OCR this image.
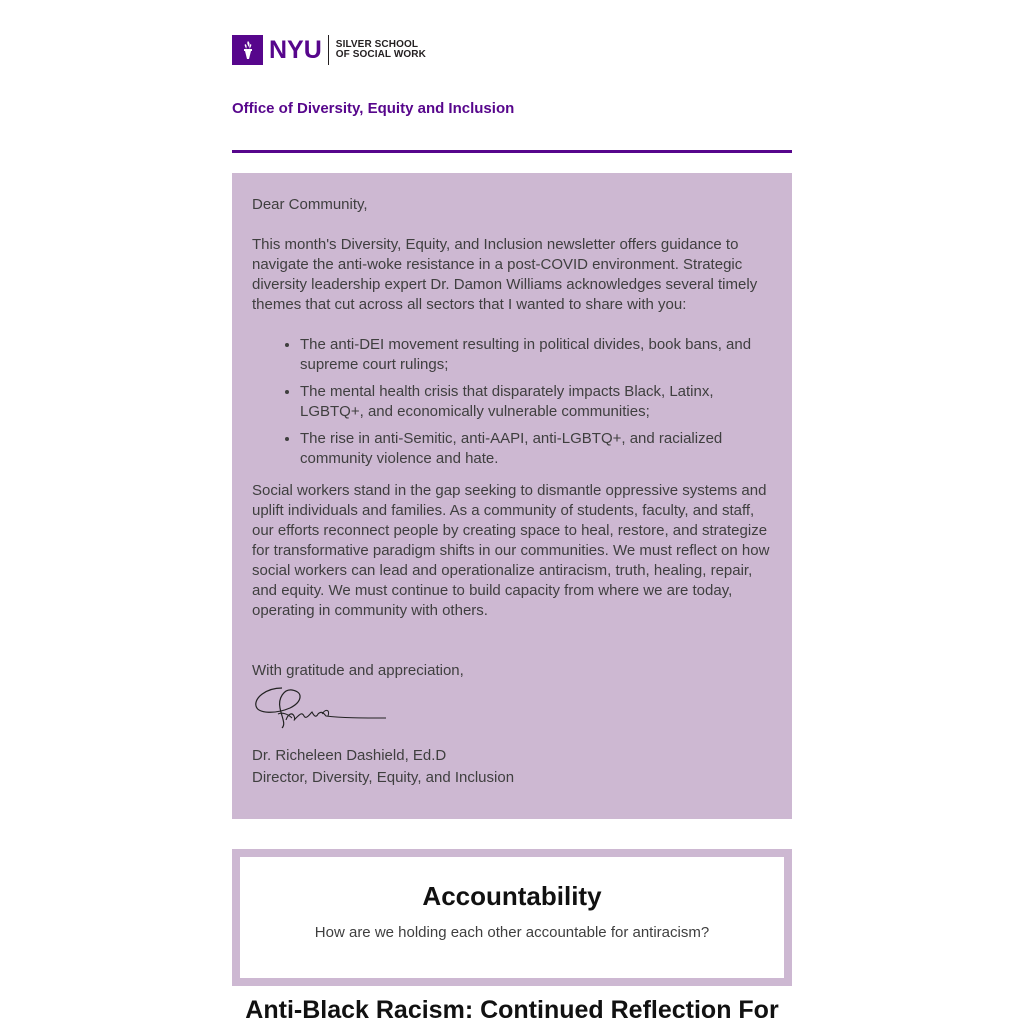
NYU SILVER SCHOOL
OF SOCIAL WORK
Office of Diversity, Equity and Inclusion

Dear Community,

This month's Diversity, Equity, and Inclusion newsletter offers guidance to navigate the anti-woke resistance in a post-COVID environment. Strategic diversity leadership expert Dr. Damon Williams acknowledges several timely themes that cut across all sectors that I wanted to share with you:

• The anti-DEI movement resulting in political divides, book bans, and supreme court rulings;
• The mental health crisis that disparately impacts Black, Latinx, LGBTQ+, and economically vulnerable communities;
• The rise in anti-Semitic, anti-AAPI, anti-LGBTQ+, and racialized community violence and hate.

Social workers stand in the gap seeking to dismantle oppressive systems and uplift individuals and families. As a community of students, faculty, and staff, our efforts reconnect people by creating space to heal, restore, and strategize for transformative paradigm shifts in our communities. We must reflect on how social workers can lead and operationalize antiracism, truth, healing, repair, and equity. We must continue to build capacity from where we are today, operating in community with others.

With gratitude and appreciation,

Dr. Richeleen Dashield, Ed.D

Director, Diversity, Equity, and Inclusion

Accountability

How are we holding each other accountable for antiracism?

Anti-Black Racism: Continued Reflection For
